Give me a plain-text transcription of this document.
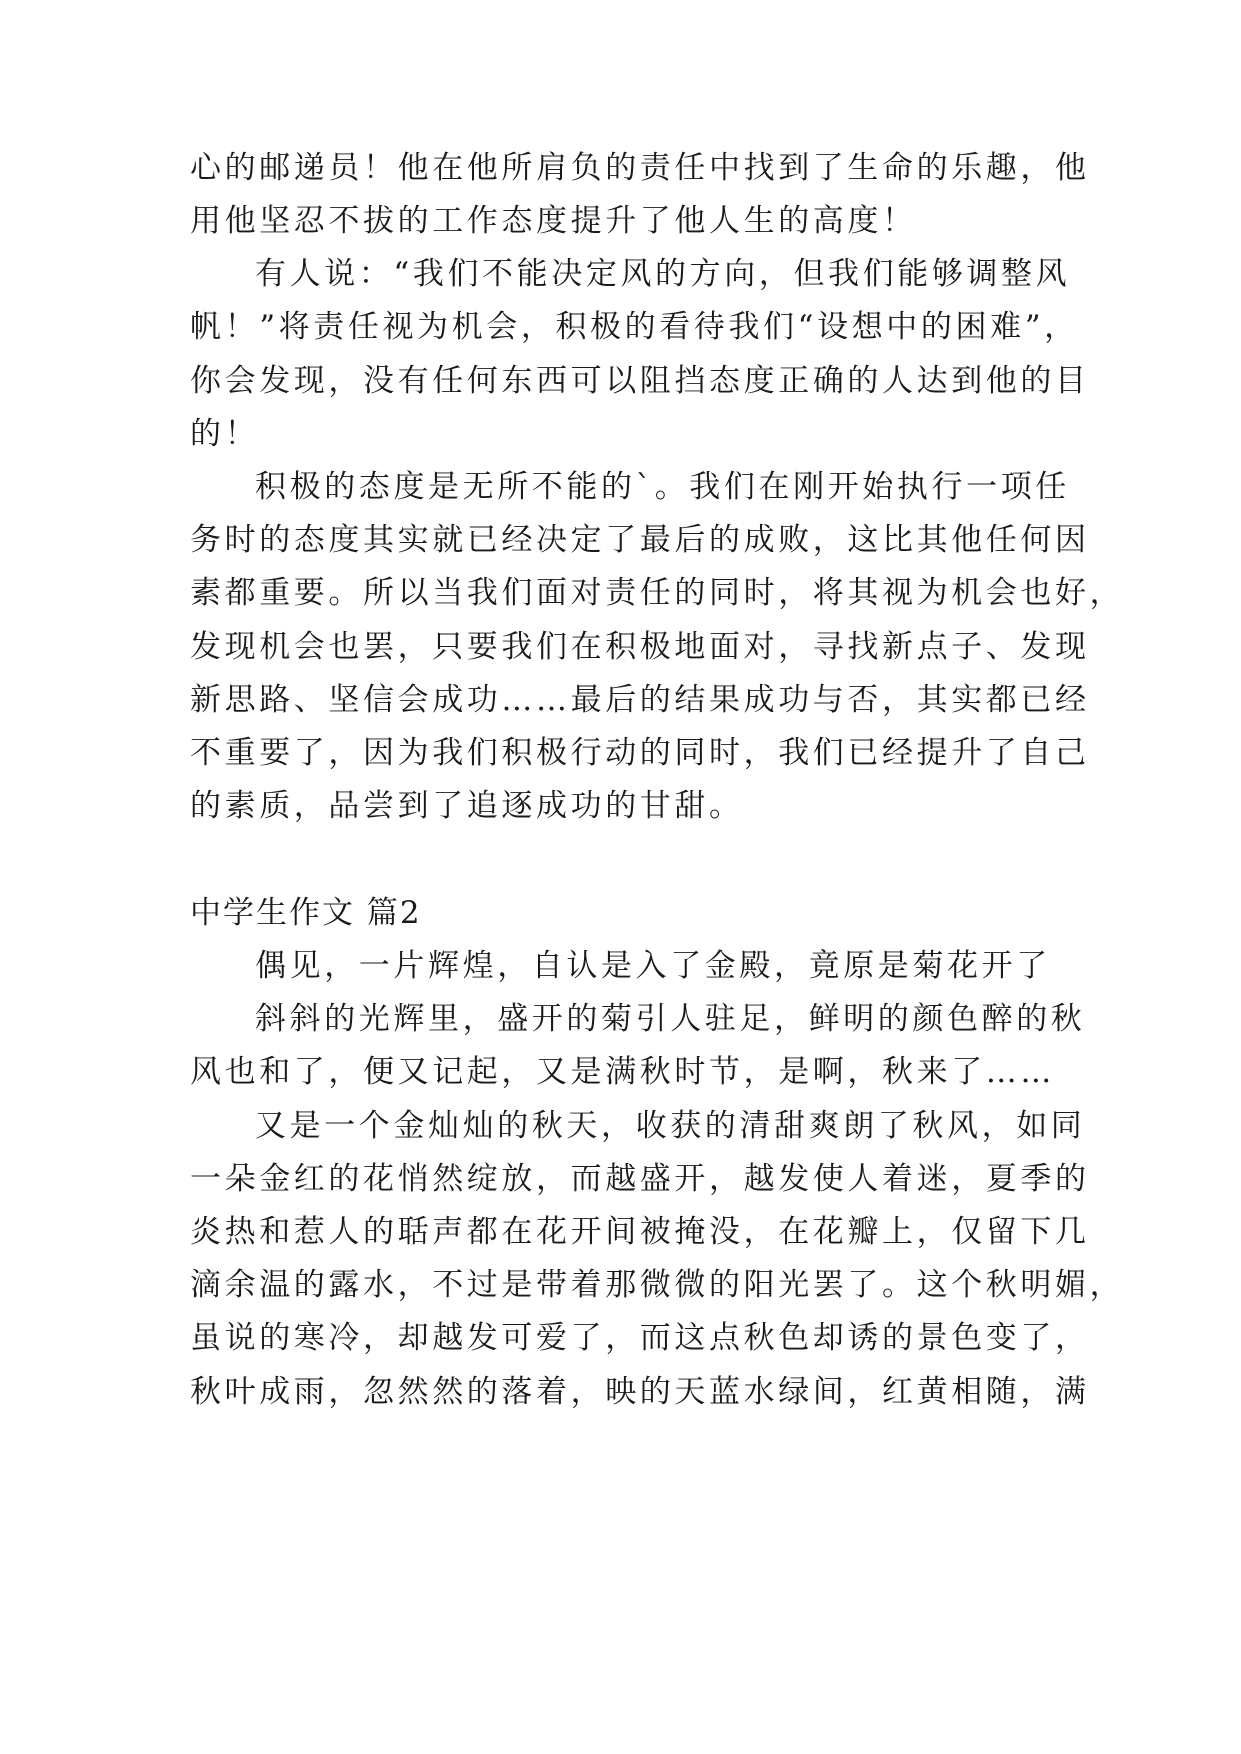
心的邮递员！他在他所肩负的责任中找到了生命的乐趣，他
用他坚忍不拔的工作态度提升了他人生的高度！
有人说：“我们不能决定风的方向，但我们能够调整风
帆！”将责任视为机会，积极的看待我们“设想中的困难”，
你会发现，没有任何东西可以阻挡态度正确的人达到他的目
的！
积极的态度是无所不能的`。我们在刚开始执行一项任
务时的态度其实就已经决定了最后的成败，这比其他任何因
素都重要。所以当我们面对责任的同时，将其视为机会也好，
发现机会也罢，只要我们在积极地面对，寻找新点子、发现
新思路、坚信会成功……最后的结果成功与否，其实都已经
不重要了，因为我们积极行动的同时，我们已经提升了自己
的素质，品尝到了追逐成功的甘甜。
中学生作文 篇2
偶见，一片辉煌，自认是入了金殿，竟原是菊花开了
斜斜的光辉里，盛开的菊引人驻足，鲜明的颜色醉的秋
风也和了，便又记起，又是满秋时节，是啊，秋来了……
又是一个金灿灿的秋天，收获的清甜爽朗了秋风，如同
一朵金红的花悄然绽放，而越盛开，越发使人着迷，夏季的
炎热和惹人的聒声都在花开间被掩没，在花瓣上，仅留下几
滴余温的露水，不过是带着那微微的阳光罢了。这个秋明媚，
虽说的寒冷，却越发可爱了，而这点秋色却诱的景色变了，
秋叶成雨，忽然然的落着，映的天蓝水绿间，红黄相随，满
